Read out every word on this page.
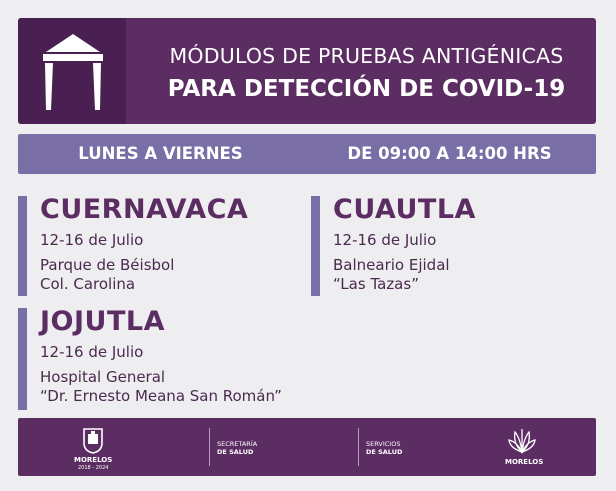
MÓDULOS DE PRUEBAS ANTIGÉNICAS
PARA DETECCIÓN DE COVID-19
LUNES A VIERNES	DE 09:00 A 14:00 HRS
CUERNAVACA
12-16 de Julio
Parque de Béisbol
Col. Carolina
CUAUTLA
12-16 de Julio
Balneario Ejidal
“Las Tazas”
JOJUTLA
12-16 de Julio
Hospital General
“Dr. Ernesto Meana San Román”
MORELOS
2018 - 2024
SECRETARÍA
DE SALUD
SERVICIOS
DE SALUD
MORELOS
